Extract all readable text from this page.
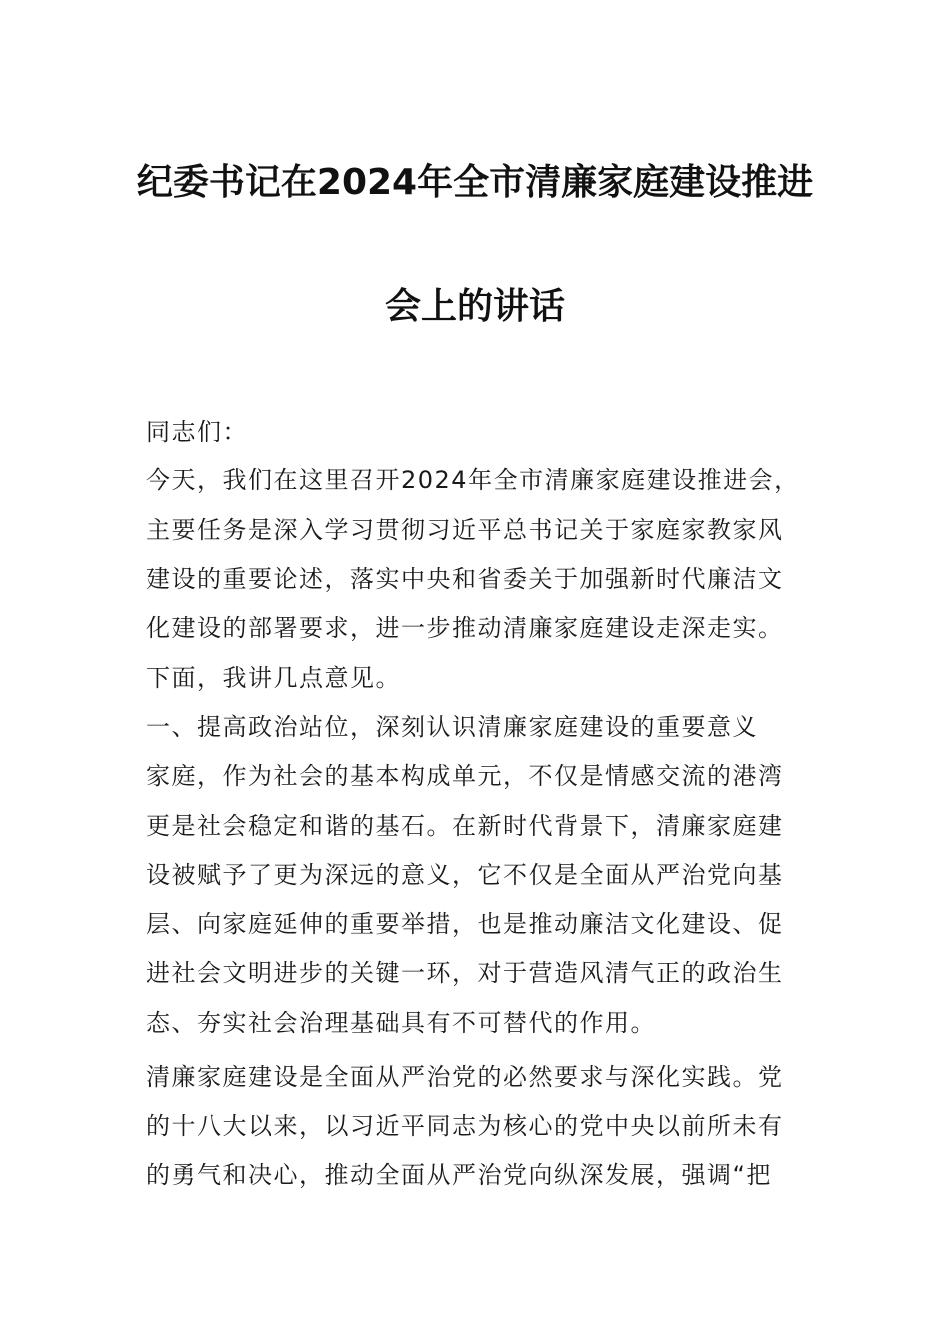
纪委书记在2024年全市清廉家庭建设推进
会上的讲话
同志们：
今天，我们在这里召开2024年全市清廉家庭建设推进会，
主要任务是深入学习贯彻习近平总书记关于家庭家教家风
建设的重要论述，落实中央和省委关于加强新时代廉洁文
化建设的部署要求，进一步推动清廉家庭建设走深走实。
下面，我讲几点意见。
一、提高政治站位，深刻认识清廉家庭建设的重要意义
家庭，作为社会的基本构成单元，不仅是情感交流的港湾
更是社会稳定和谐的基石。在新时代背景下，清廉家庭建
设被赋予了更为深远的意义，它不仅是全面从严治党向基
层、向家庭延伸的重要举措，也是推动廉洁文化建设、促
进社会文明进步的关键一环，对于营造风清气正的政治生
态、夯实社会治理基础具有不可替代的作用。
清廉家庭建设是全面从严治党的必然要求与深化实践。党
的十八大以来，以习近平同志为核心的党中央以前所未有
的勇气和决心，推动全面从严治党向纵深发展，强调“把
